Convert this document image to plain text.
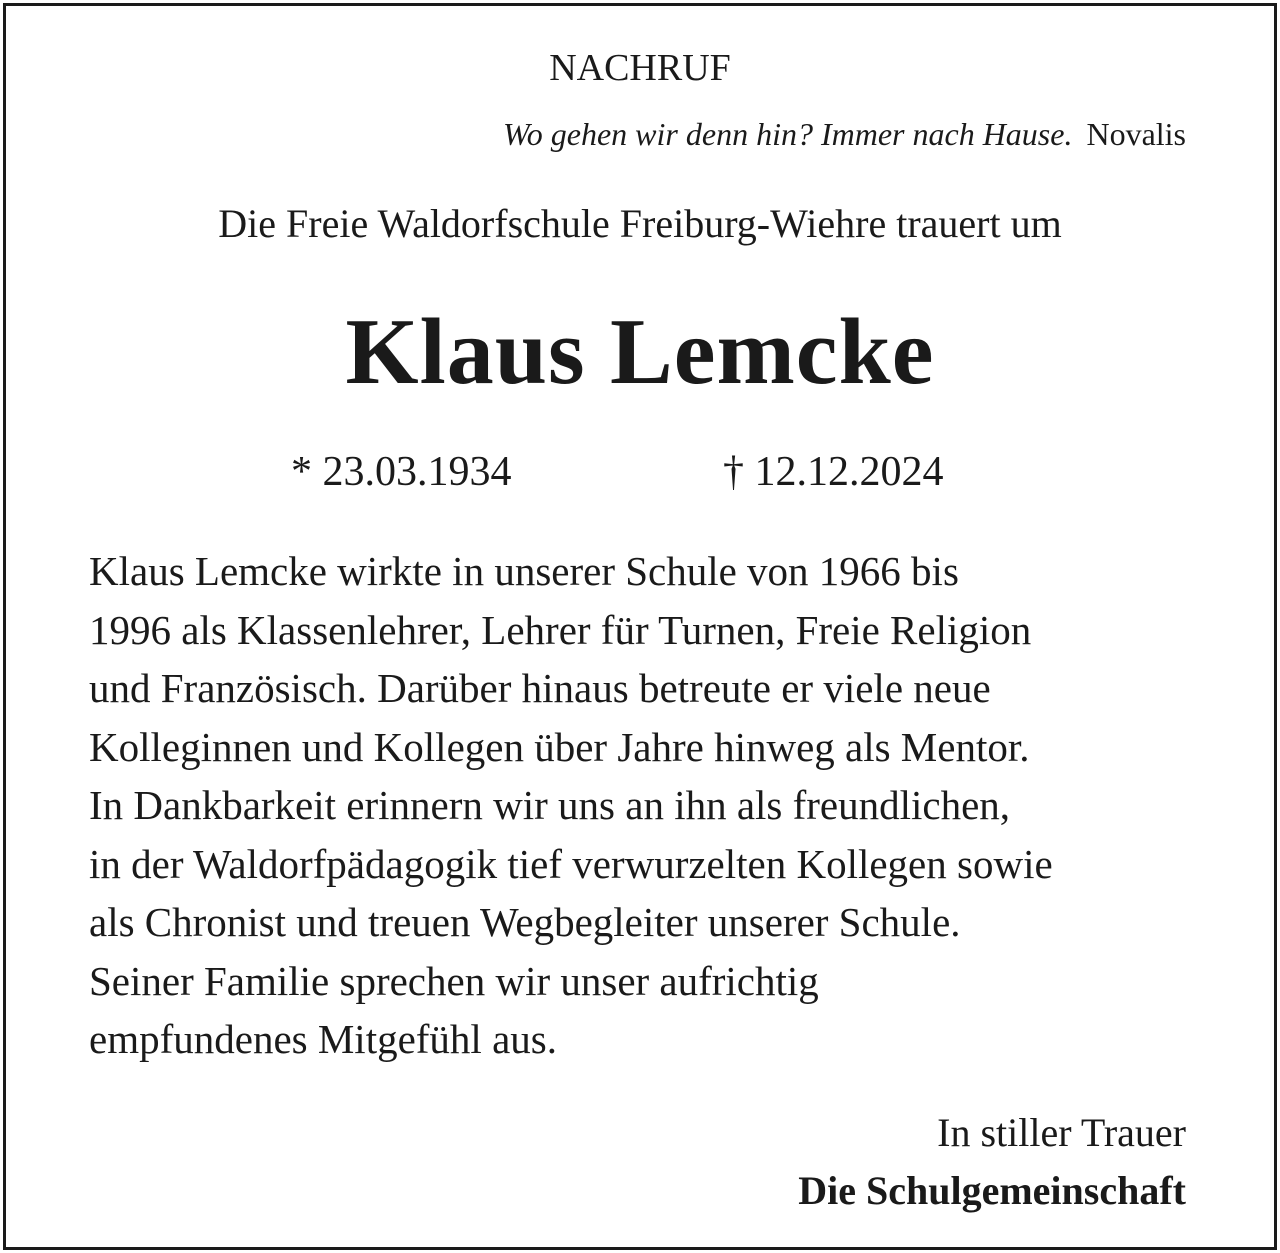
NACHRUF
Wo gehen wir denn hin? Immer nach Hause. Novalis
Die Freie Waldorfschule Freiburg-Wiehre trauert um
Klaus Lemcke
* 23.03.1934	† 12.12.2024
Klaus Lemcke wirkte in unserer Schule von 1966 bis
1996 als Klassenlehrer, Lehrer für Turnen, Freie Religion
und Französisch. Darüber hinaus betreute er viele neue
Kolleginnen und Kollegen über Jahre hinweg als Mentor.
In Dankbarkeit erinnern wir uns an ihn als freundlichen,
in der Waldorfpädagogik tief verwurzelten Kollegen sowie
als Chronist und treuen Wegbegleiter unserer Schule.
Seiner Familie sprechen wir unser aufrichtig
empfundenes Mitgefühl aus.
In stiller Trauer
Die Schulgemeinschaft
